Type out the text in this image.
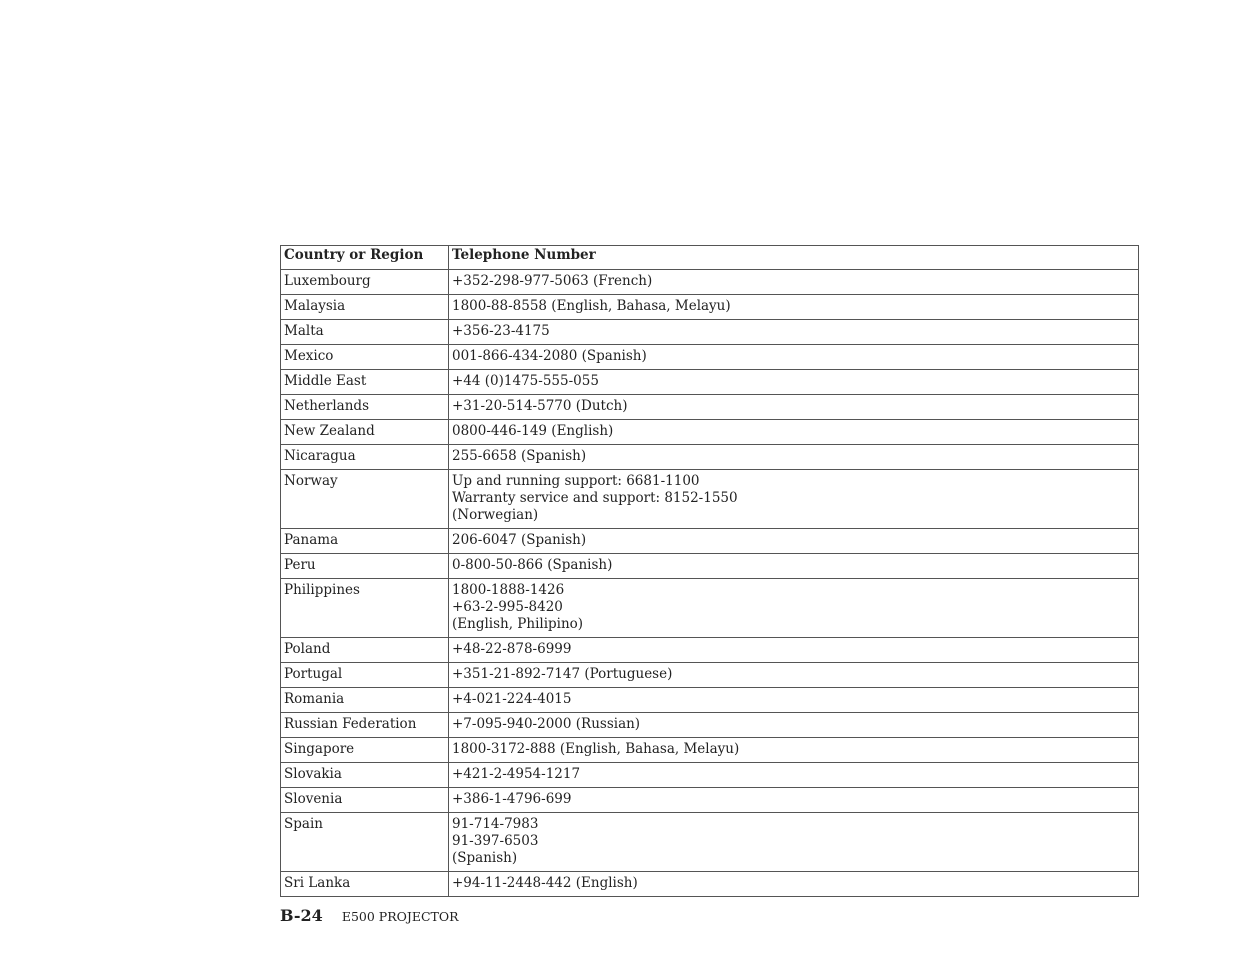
Country or Region	Telephone Number
Luxembourg	+352-298-977-5063 (French)

Malaysia	1800-88-8558 (English, Bahasa, Melayu)

Malta	+356-23-4175

Mexico	001-866-434-2080 (Spanish)

Middle East	+44 (0)1475-555-055

Netherlands	+31-20-514-5770 (Dutch)

New Zealand	0800-446-149 (English)

Nicaragua	255-6658 (Spanish)

Norway	Up and running support: 6681-1100
Warranty service and support: 8152-1550
(Norwegian)

Panama	206-6047 (Spanish)

Peru	0-800-50-866 (Spanish)

Philippines	1800-1888-1426
+63-2-995-8420
(English, Philipino)

Poland	+48-22-878-6999

Portugal	+351-21-892-7147 (Portuguese)

Romania	+4-021-224-4015

Russian Federation	+7-095-940-2000 (Russian)

Singapore	1800-3172-888 (English, Bahasa, Melayu)

Slovakia	+421-2-4954-1217

Slovenia	+386-1-4796-699

Spain	91-714-7983
91-397-6503
(Spanish)

Sri Lanka	+94-11-2448-442 (English)
B-24 E500 PROJECTOR
